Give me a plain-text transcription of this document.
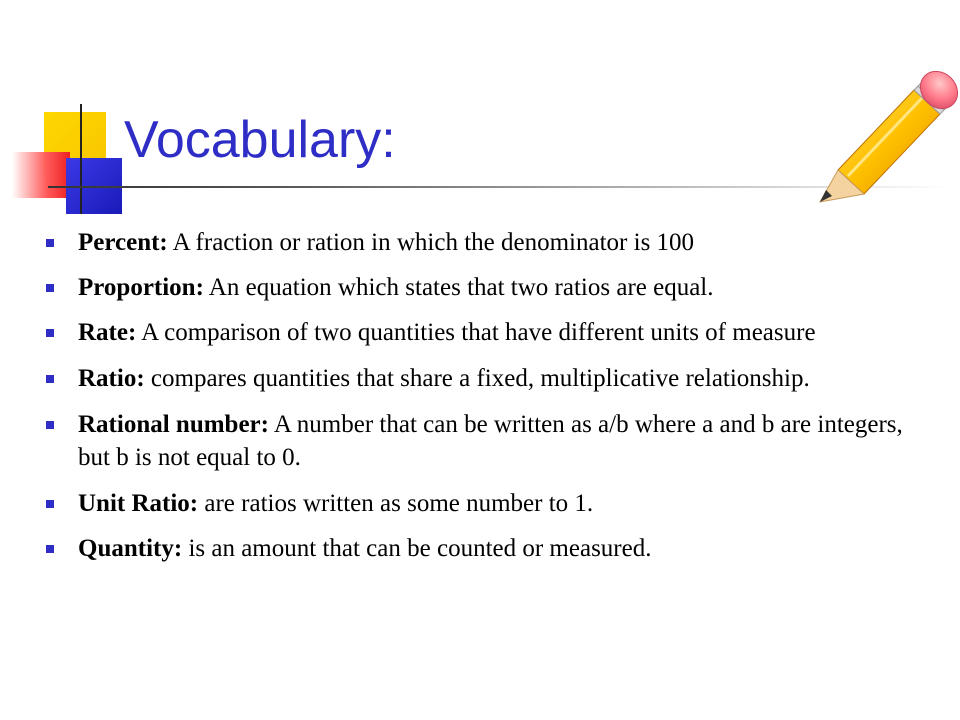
Vocabulary:
Percent: A fraction or ration in which the denominator is 100
Proportion: An equation which states that two ratios are equal.
Rate: A comparison of two quantities that have different units of measure
Ratio: compares quantities that share a fixed, multiplicative relationship.
Rational number: A number that can be written as a/b where a and b are integers, but b is not equal to 0.
Unit Ratio: are ratios written as some number to 1.
Quantity: is an amount that can be counted or measured.
